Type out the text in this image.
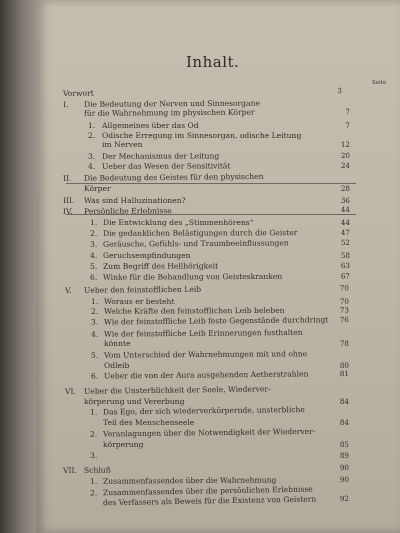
Inhalt.
Seite
Vorwort	3
I. Die Bedeutung der Nerven und Sinnesorgane
für die Wahrnehmung im physischen Körper	7
1. Allgemeines über das Od	7
2. Odische Erregung im Sinnesorgan, odische Leitung
im Nerven	12
3. Der Mechanismus der Leitung	20
4. Ueber das Wesen der Sensitivität	24
II. Die Bedeutung des Geistes für den physischen
Körper	28
III. Was sind Halluzinationen?	36
IV. Persönliche Erlebnisse	44
1. Die Entwicklung des „Stimmenhörens“	44
2. Die gedanklichen Belästigungen durch die Geister	47
3. Geräusche, Gefühls- und Traumbeeinflussungen	52
4. Geruchsempfindungen	58
5. Zum Begriff des Hellhörigkeit	63
6. Winke für die Behandlung von Geisteskranken	67
V. Ueber den feinstofflichen Leib	70
1. Woraus er besteht	70
2. Welche Kräfte den feinstofflichen Leib beleben	73
3. Wie der feinstoffliche Leib feste Gegenstände durchdringt	76
4. Wie der feinstoffliche Leib Erinnerungen festhalten
könnte	78
5. Vom Unterschied der Wahrnehmungen mit und ohne
Odleib	80
6. Ueber die von der Aura ausgehenden Aetherstrahlen	81
VI. Ueber die Unsterblichkeit der Seele, Wiederver-
körperung und Vererbung	84
1. Das Ego, der sich wiederverkörpernde, unsterbliche
Teil des Menschenseele	84
2. Veranlagungen über die Notwendigkeit der Wiederver-
körperung	85
3.	89
VII. Schluß	90
1. Zusammenfassendes über die Wahrnehmung	90
2. Zusammenfassendes über die persönlichen Erlebnisse
des Verfassers als Beweis für die Existenz von Geistern	92
